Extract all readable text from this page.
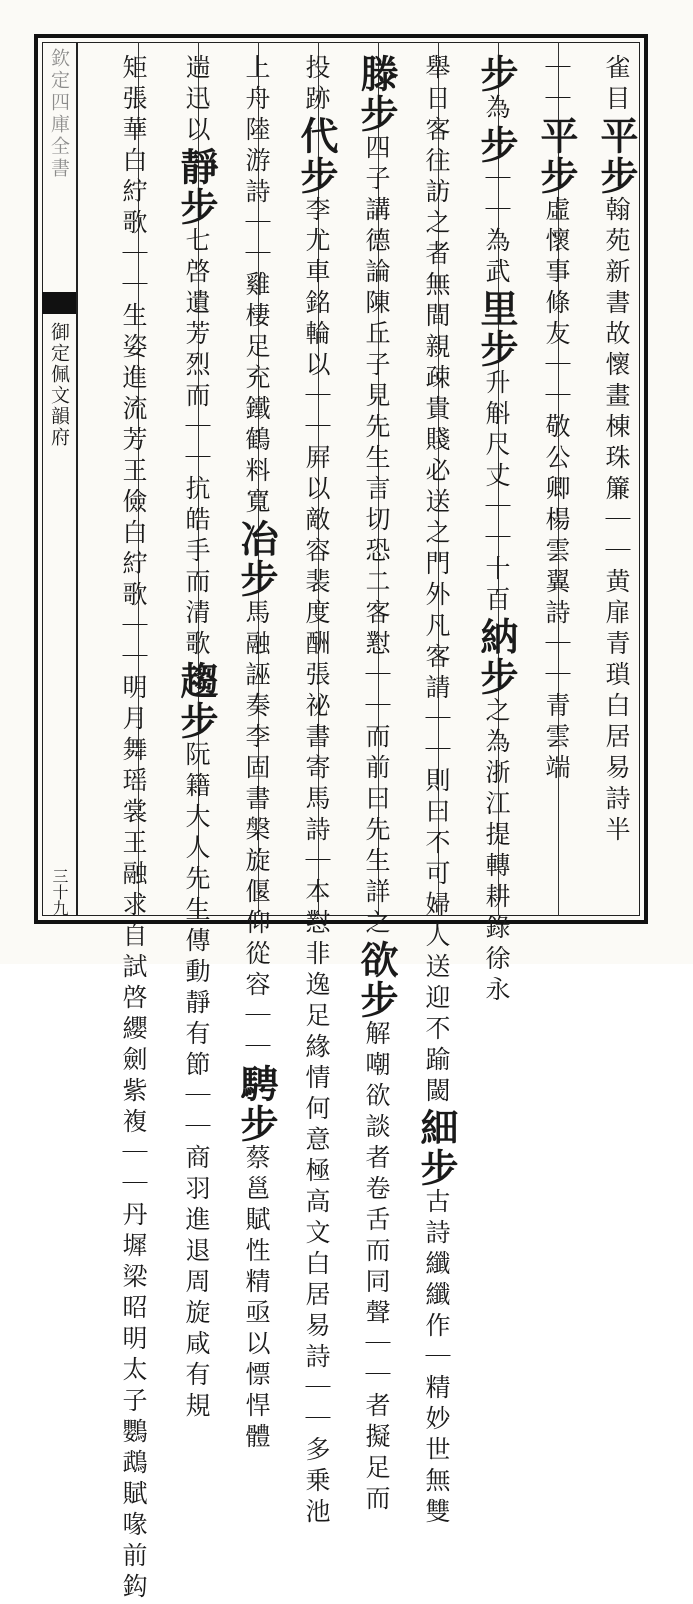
欽定四庫全書
御定佩文韻府
三十九
雀目平步翰苑新書故懷畫棟珠簾｜｜黄扉青瑣白居易詩半
｜｜平步虛懷事條友｜｜敬公卿楊雲翼詩｜｜青雲端
步為步｜｜為武里步升斛尺丈｜｜十百納步之為浙江提轉耕錄徐永
舉日客往訪之者無間親疎貴賤必送之門外凡客請｜｜則曰不可婦人送迎不踰閾細步古詩纖纖作｜精妙世無雙
滕步四子講德論陳丘子見先生言切恐二客懟｜｜而前曰先生詳之欲步解嘲欲談者卷舌而同聲｜｜者擬足而
投跡代步李尤車銘輪以｜｜屛以敵容裴度酬張祕書寄馬詩｜本懟非逸足緣情何意極高文白居易詩｜｜多乗池
上舟陸游詩｜｜雞棲足充鐵鶴料寬冶步馬融誣奏李固書槃旋偃仰從容｜｜騁步蔡邕賦性精亟以慓悍體
遄迅以靜步七啓遺芳烈而｜｜抗皓手而清歌趨步阮籍大人先生傳動靜有節｜｜商羽進退周旋咸有規
矩張華白紵歌｜｜生姿進流芳王儉白紵歌｜｜明月舞瑶裳王融求自試啓纓劍紫複｜｜丹墀梁昭明太子鸚鵡賦喙前鈎
